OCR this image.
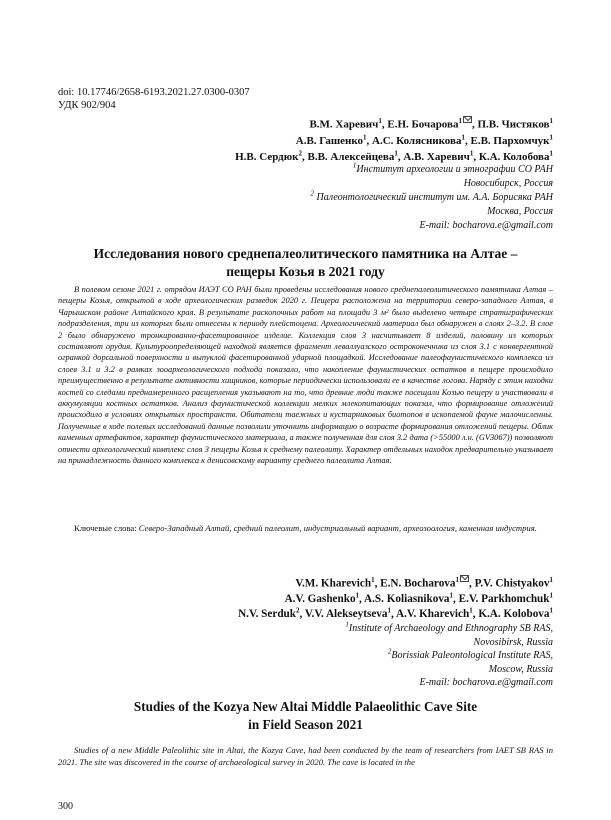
doi: 10.17746/2658-6193.2021.27.0300-0307
УДК 902/904
В.М. Харевич$^1$, Е.Н. Бочарова$^1$ , П.В. Чистяков$^1$
А.В. Гашенко$^1$, А.С. Колясникова$^1$, Е.В. Пархомчук$^1$
Н.В. Сердюк$^2$, В.В. Алексейцева$^1$, А.В. Харевич$^1$, К.А. Колобова$^1$
$^1$Институт археологии и этнографии СО РАН
Новосибирск, Россия
$^2$ Палеонтологический институт им. А.А. Борисяка РАН
Москва, Россия
E-mail: bocharova.e@gmail.com
Исследования нового среднепалеолитического памятника на Алтае –
пещеры Козья в 2021 году
В полевом сезоне 2021 г. отрядом ИАЭТ СО РАН были проведены исследования нового среднепалеолитического памятника Алтая – пещеры Козья, открытой в ходе археологических разведок 2020 г. Пещера расположена на территории северо-западного Алтая, в Чарышском районе Алтайского края. В результате раскопочных работ на площади 3 м² было выделено четыре стратиграфических подразделения, три из которых были отнесены к периоду плейстоцена. Археологический материал был обнаружен в слоях 2–3.2. В слое 2 было обнаружено тронкированно-фасетированное изделие. Коллекция слоя 3 насчитывает 8 изделий, половину из которых составляют орудия. Культуроопределяющей находкой является фрагмент леваллуазского остроконечника из слоя 3.1 с конвергентной огранкой дорсальной поверхности и выпуклой фасетированной ударной площадкой. Исследование палеофаунистического комплекса из слоев 3.1 и 3.2 в рамках зооархеологического подхода показало, что накопление фаунистических остатков в пещере происходило преимущественно в результате активности хищников, которые периодически использовали ее в качестве логова. Наряду с этим находки костей со следами преднамеренного расщепления указывают на то, что древние люди также посещали Козью пещеру и участвовали в аккумуляции костных остатков. Анализ фаунистической коллекции мелких млекопитающих показал, что формирование отложений происходило в условиях открытых пространств. Обитатели таежных и кустарниковых биотопов в ископаемой фауне малочисленны. Полученные в ходе полевых исследований данные позволили уточнить информацию о возрасте формирования отложений пещеры. Облик каменных артефактов, характер фаунистического материала, а также полученная для слоя 3.2 дата (>55000 л.н. (GV3067)) позволяют отнести археологический комплекс слоя 3 пещеры Козья к среднему палеолиту. Характер отдельных находок предварительно указывает на принадлежность данного комплекса к денисовскому варианту среднего палеолита Алтая.
Ключевые слова: Северо-Западный Алтай, средний палеолит, индустриальный вариант, археозоология, каменная индустрия.
V.M. Kharevich$^1$, E.N. Bocharova$^1$ , P.V. Chistyakov$^1$
A.V. Gashenko$^1$, A.S. Koliasnikova$^1$, E.V. Parkhomchuk$^1$
N.V. Serduk$^2$, V.V. Alekseytseva$^1$, A.V. Kharevich$^1$, K.A. Kolobova$^1$
$^1$Institute of Archaeology and Ethnography SB RAS,
Novosibirsk, Russia
$^2$Borissiak Paleontological Institute RAS,
Moscow, Russia
E-mail: bocharova.e@gmail.com
Studies of the Kozya New Altai Middle Palaeolithic Cave Site
in Field Season 2021
Studies of a new Middle Paleolithic site in Altai, the Kozya Cave, had been conducted by the team of researchers from IAET SB RAS in 2021. The site was discovered in the course of archaeological survey in 2020. The cave is located in the
300
